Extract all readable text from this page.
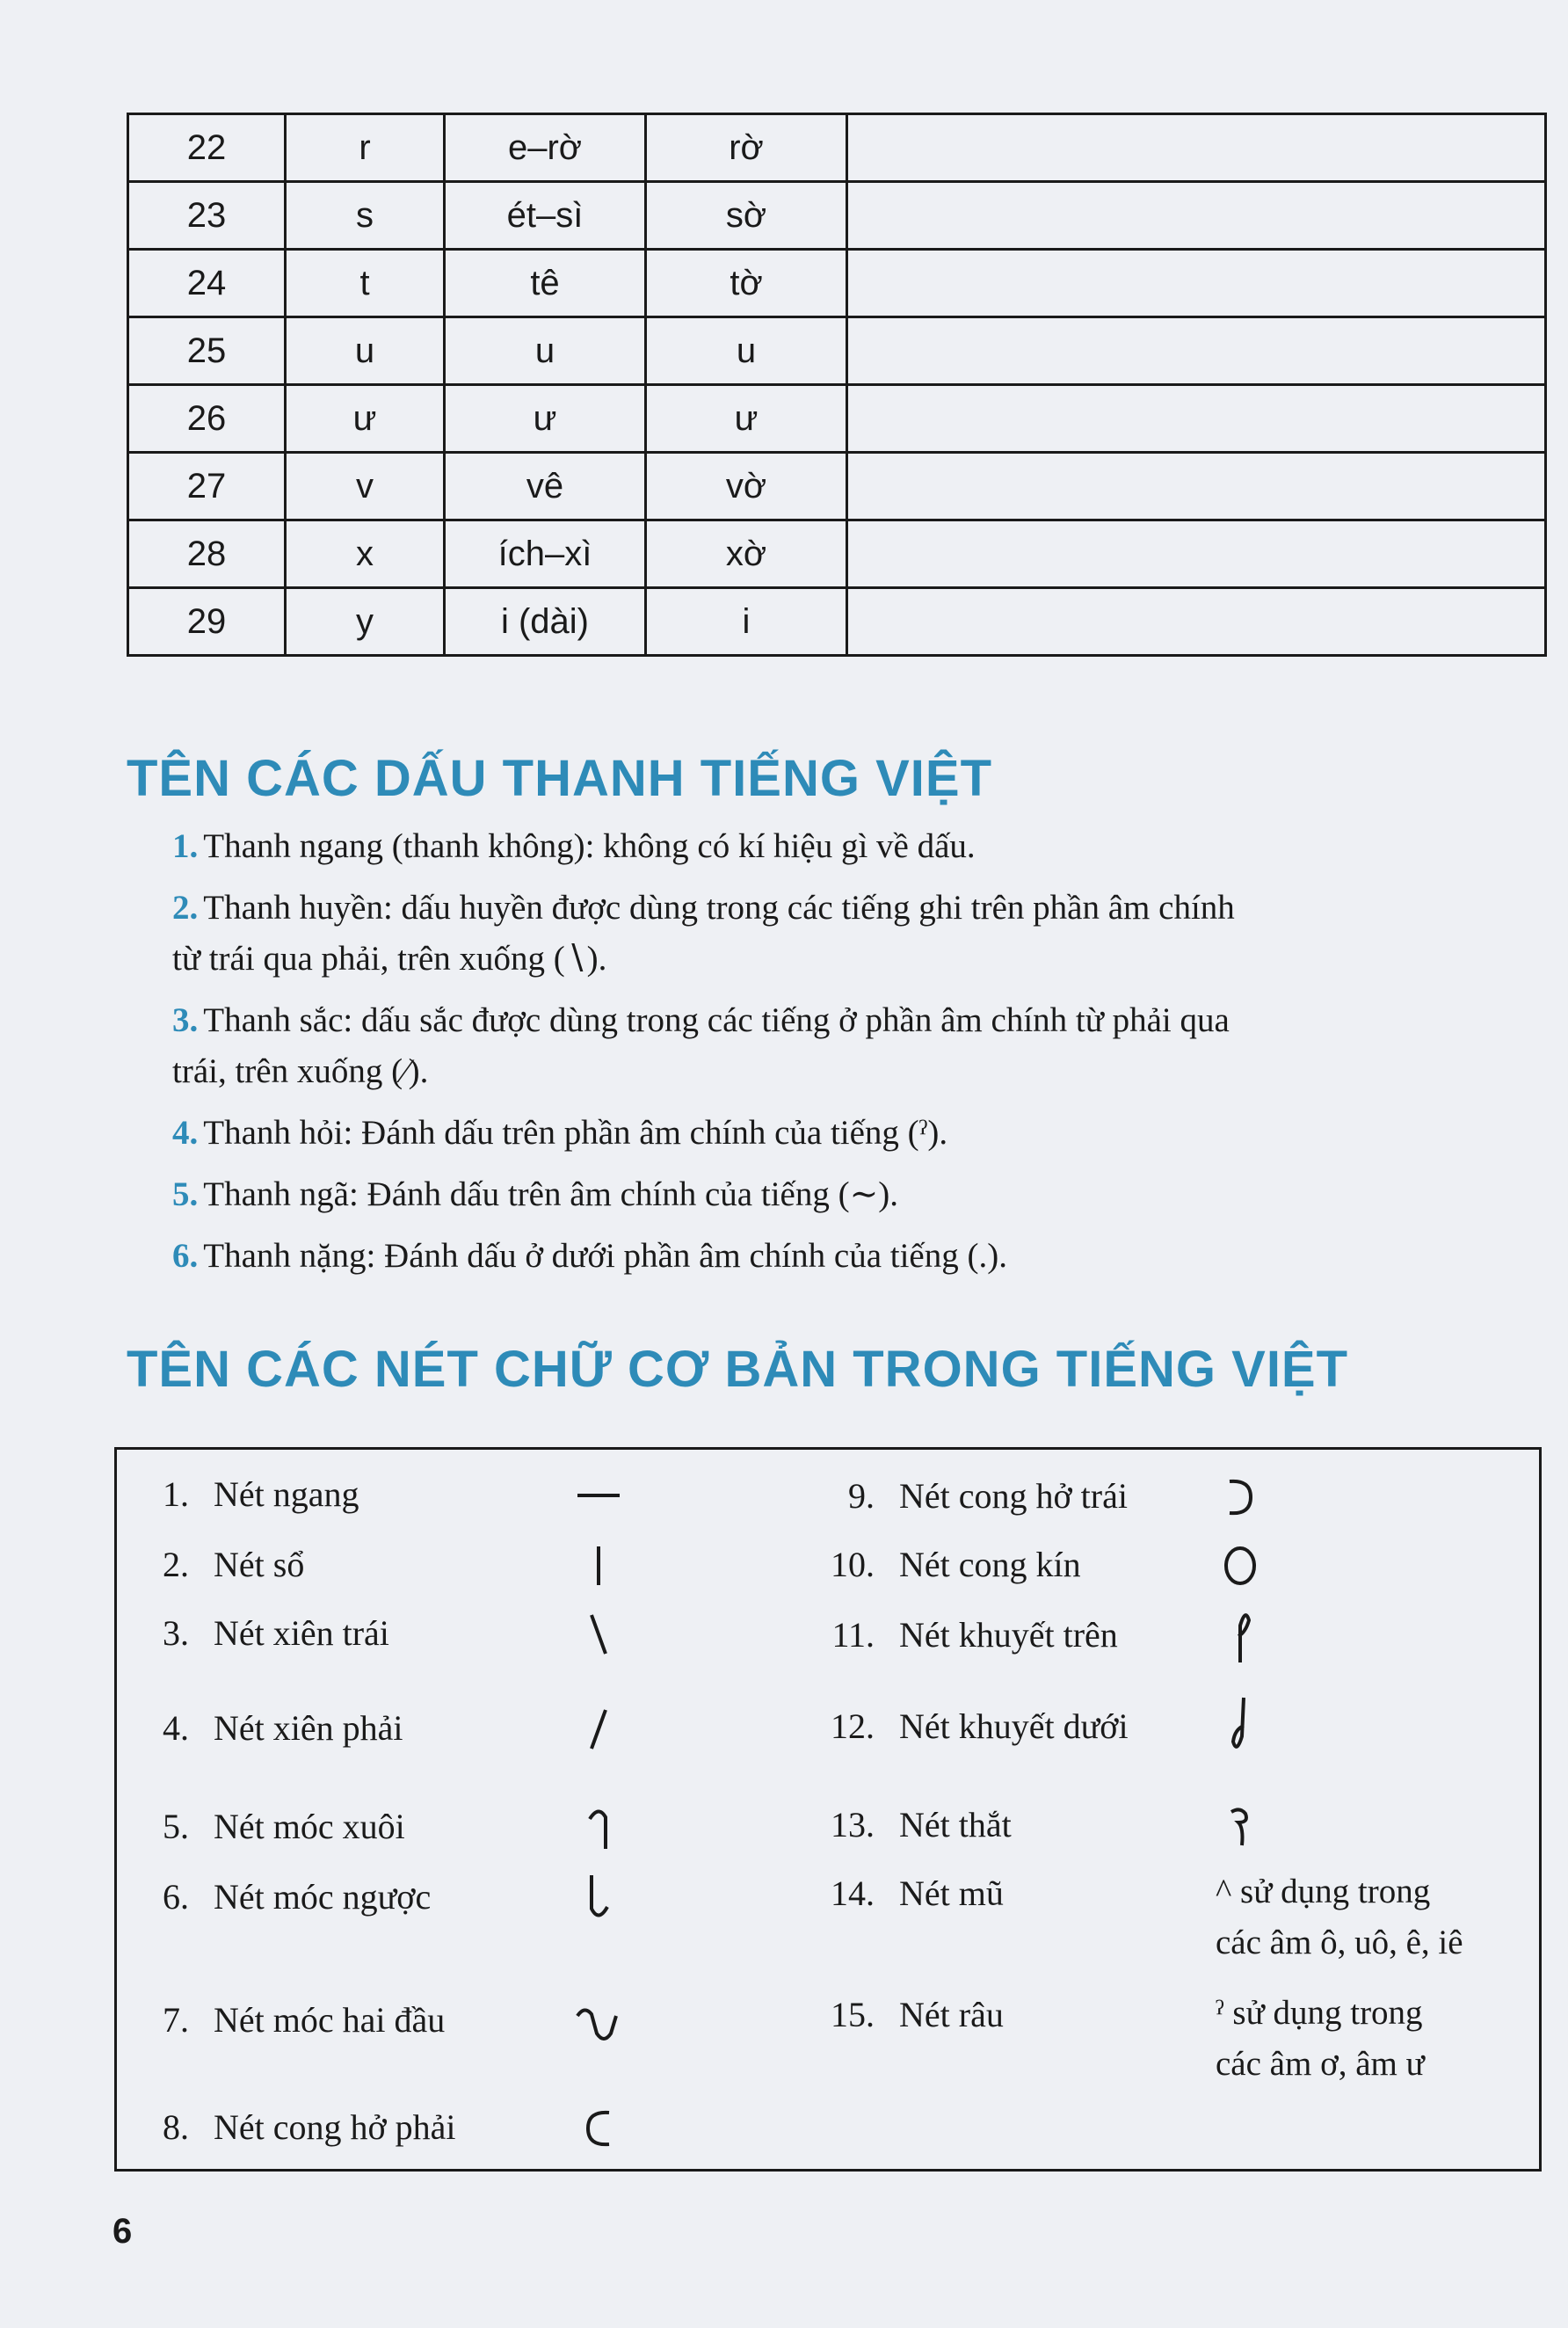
22	r	e–rờ	rờ	
23	s	ét–sì	sờ	
24	t	tê	tờ	
25	u	u	u	
26	ư	ư	ư	
27	v	vê	vờ	
28	x	ích–xì	xờ	
29	y	i (dài)	i	
TÊN CÁC DẤU THANH TIẾNG VIỆT
1. Thanh ngang (thanh không): không có kí hiệu gì về dấu.
2. Thanh huyền: dấu huyền được dùng trong các tiếng ghi trên phần âm chính
từ trái qua phải, trên xuống (∖).
3. Thanh sắc: dấu sắc được dùng trong các tiếng ở phần âm chính từ phải qua
trái, trên xuống (∕).
4. Thanh hỏi: Đánh dấu trên phần âm chính của tiếng (ˀ).
5. Thanh ngã: Đánh dấu trên âm chính của tiếng (∼).
6. Thanh nặng: Đánh dấu ở dưới phần âm chính của tiếng (.).
TÊN CÁC NÉT CHỮ CƠ BẢN TRONG TIẾNG VIỆT
1. Nét ngang
2. Nét sổ
3. Nét xiên trái
4. Nét xiên phải
5. Nét móc xuôi
6. Nét móc ngược
7. Nét móc hai đầu
8. Nét cong hở phải
9. Nét cong hở trái
10. Nét cong kín
11. Nét khuyết trên
12. Nét khuyết dưới
13. Nét thắt
14. Nét mũ
15. Nét râu
^ sử dụng trong
các âm ô, uô, ê, iê
ˀ sử dụng trong
các âm ơ, âm ư
6
